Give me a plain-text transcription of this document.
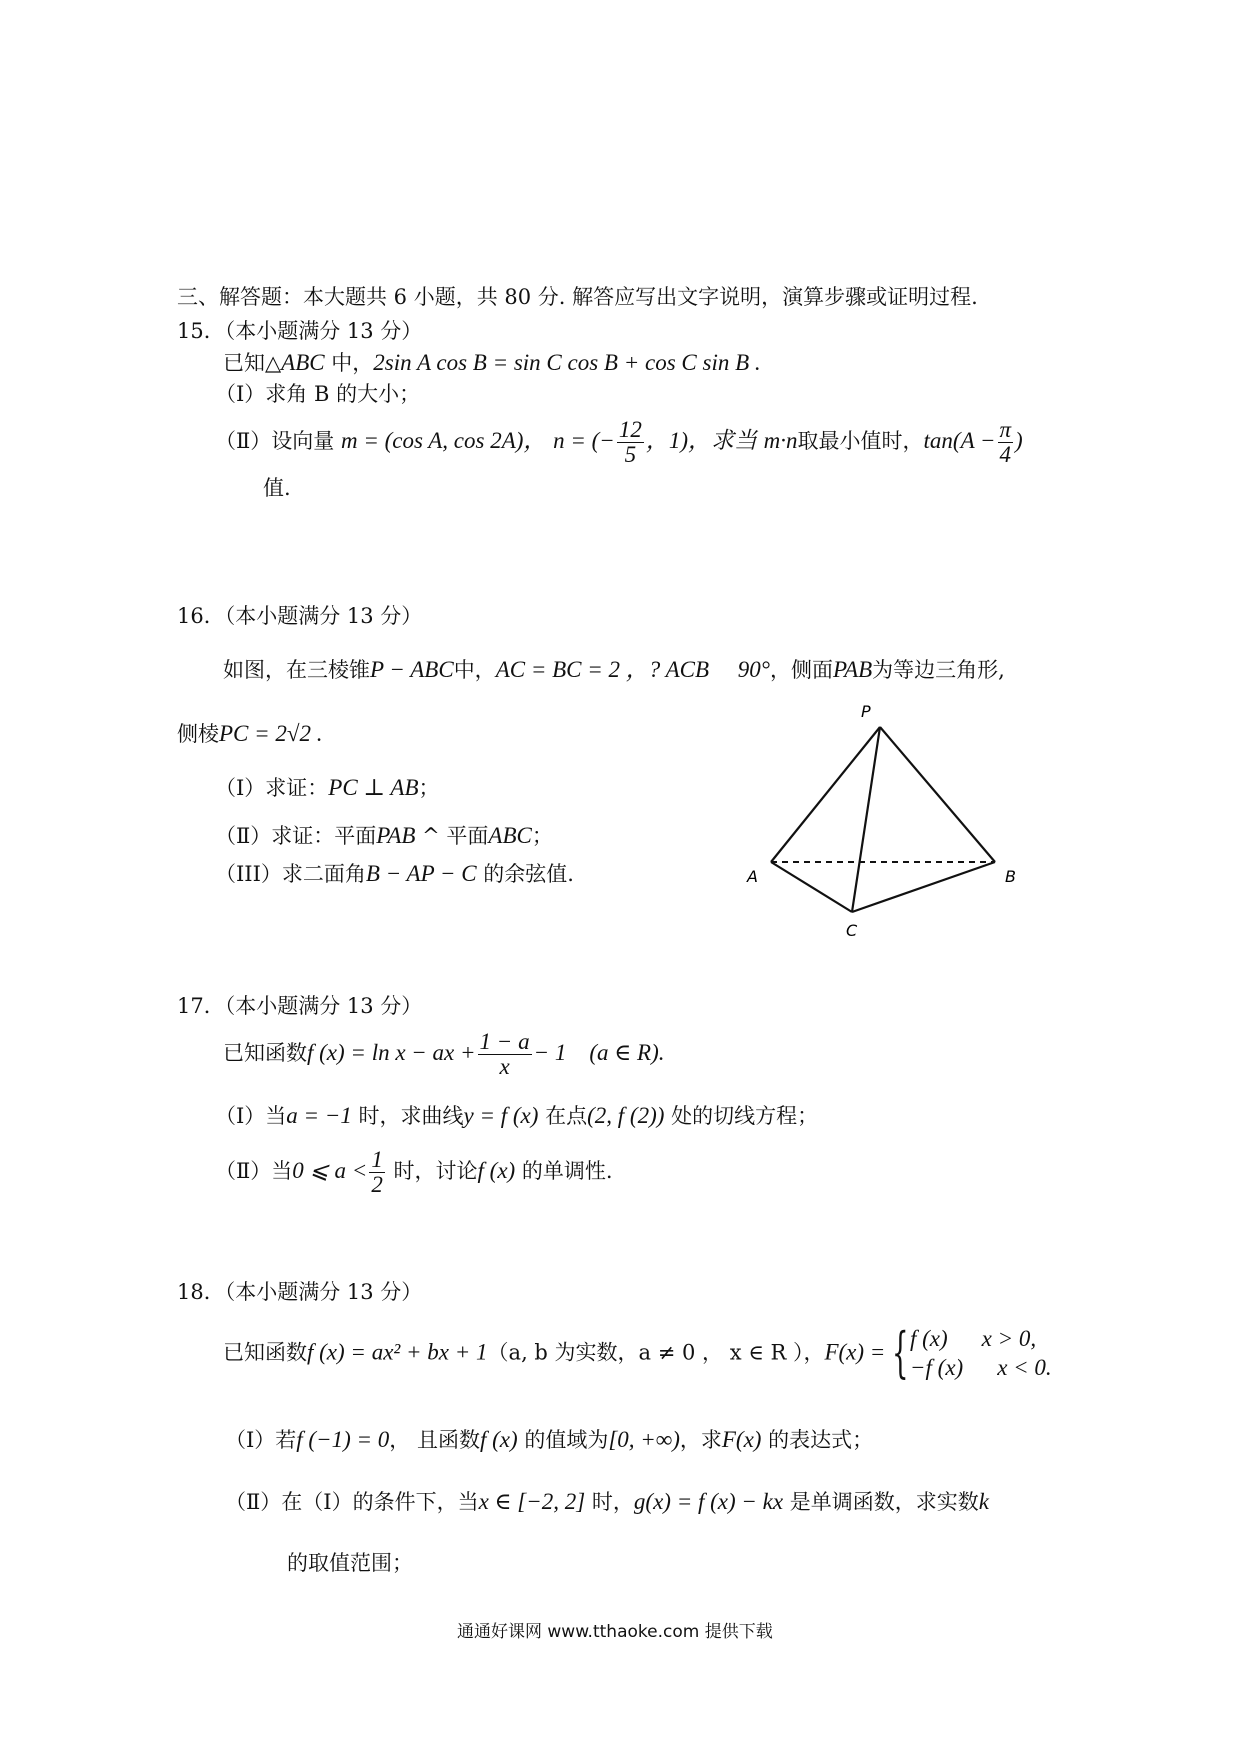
三、解答题：本大题共 6 小题，共 80 分. 解答应写出文字说明，演算步骤或证明过程.
15．（本小题满分 13 分）
已知△ABC 中，2sin A cos B = sin C cos B + cos C sin B .
（Ⅰ）求角 B 的大小；
（Ⅱ）设向量 m = (cos A, cos 2A)， n = (− $\frac{12}{5}$ ，1)，求当 m·n取最小值时，$\tan(A - \frac{\pi}{4}$ )
值.
16．（本小题满分 13 分）
如图，在三棱锥P − ABC中，AC = BC = 2 ，? ACB　 90°，侧面PAB为等边三角形,
侧棱PC = 2√2 .
（Ⅰ）求证：PC ⊥ AB；
（Ⅱ）求证：平面PAB ^ 平面ABC；
（III）求二面角B − AP − C 的余弦值.
P
A	B
C
17．（本小题满分 13 分）
已知函数f (x) = ln x − ax + $\frac{1 - a}{x} - 1$　(a ∈ R).
（Ⅰ）当a = −1 时，求曲线y = f (x) 在点(2, f (2)) 处的切线方程；
（Ⅱ）当0 ⩽ $a < \frac{1}{2}$ 时，讨论f (x) 的单调性.
18．（本小题满分 13 分）
已知函数f (x) = ax² + bx + 1（a, b 为实数，a ≠ 0 ， x ∈ R ），F(x) = { f (x) x > 0,
−f (x) x < 0.
（Ⅰ）若f (−1) = 0， 且函数f (x) 的值域为[0, +∞)，求F(x) 的表达式；
（Ⅱ）在（Ⅰ）的条件下，当x ∈ [−2, 2] 时，g(x) = f (x) − kx 是单调函数，求实数k
的取值范围；
通通好课网 www.tthaoke.com 提供下载
